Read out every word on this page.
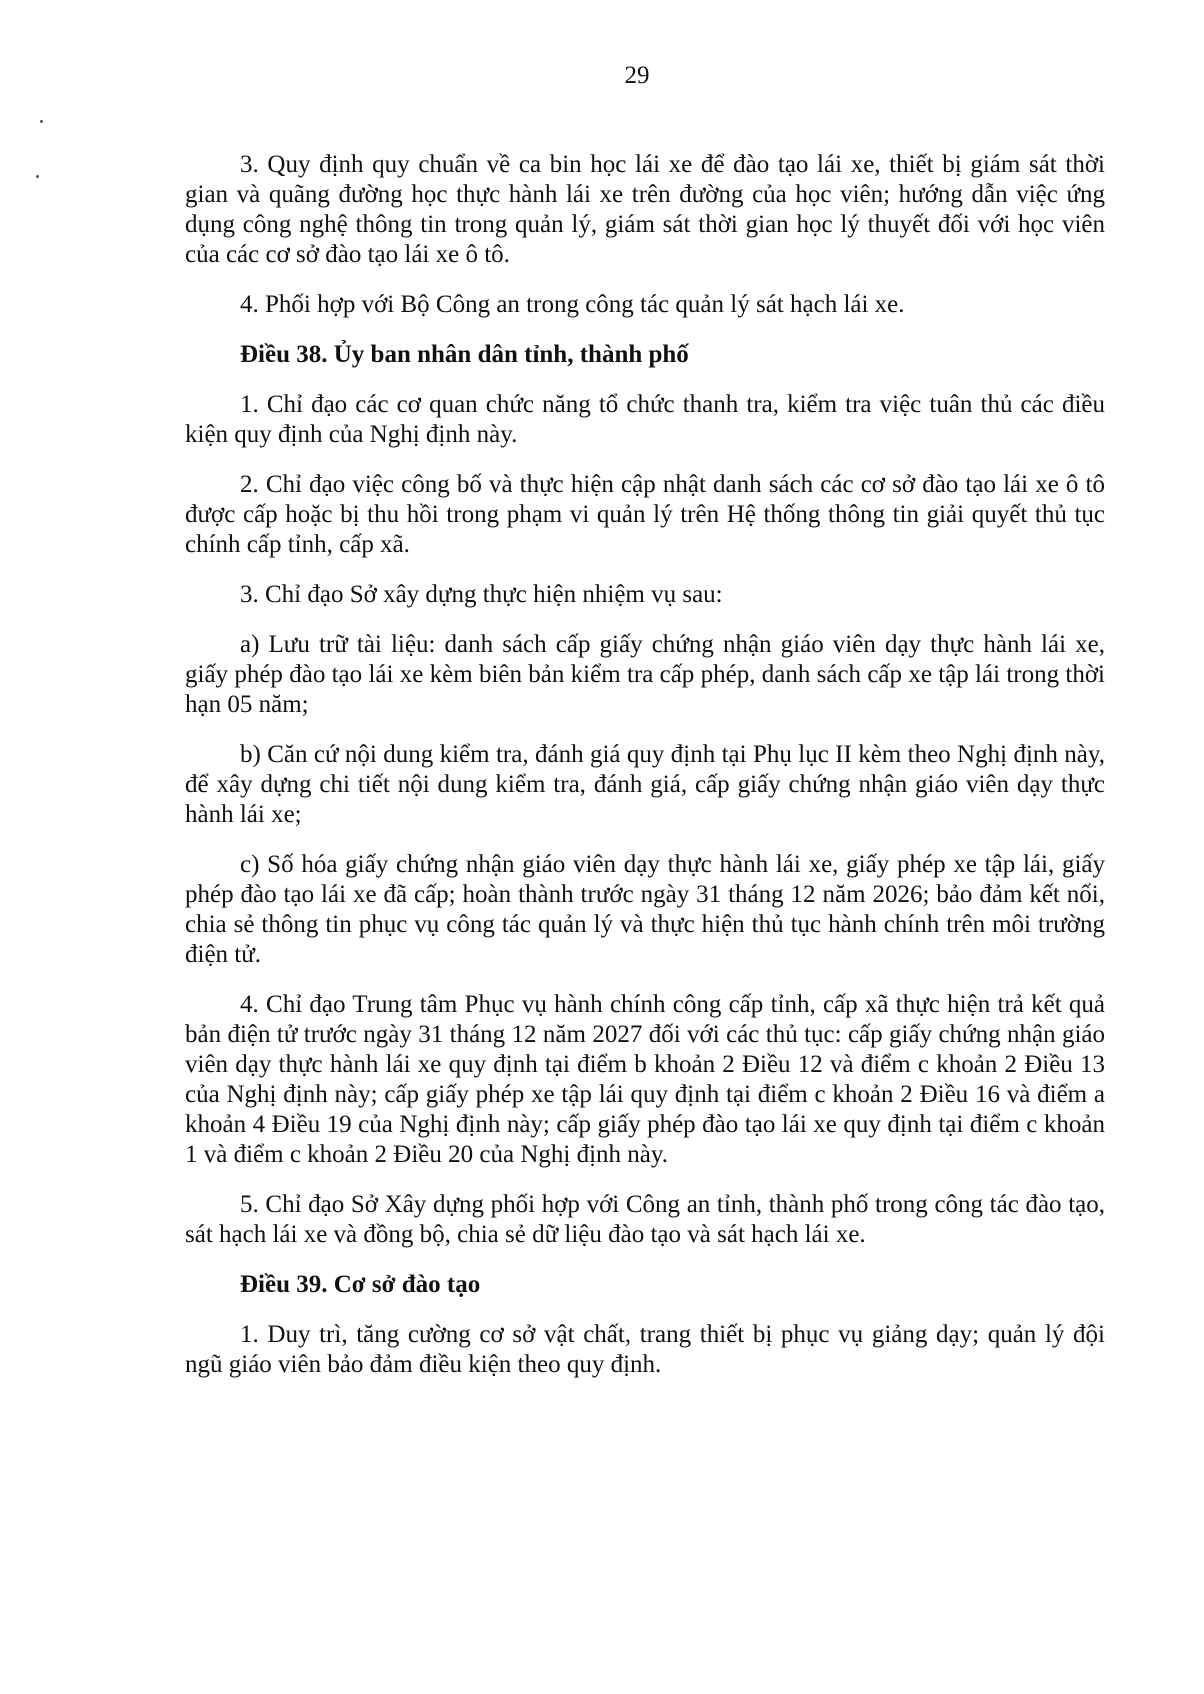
29

3. Quy định quy chuẩn về ca bin học lái xe để đào tạo lái xe, thiết bị giám sát thời gian và quãng đường học thực hành lái xe trên đường của học viên; hướng dẫn việc ứng dụng công nghệ thông tin trong quản lý, giám sát thời gian học lý thuyết đối với học viên của các cơ sở đào tạo lái xe ô tô.

4. Phối hợp với Bộ Công an trong công tác quản lý sát hạch lái xe.

Điều 38. Ủy ban nhân dân tỉnh, thành phố

1. Chỉ đạo các cơ quan chức năng tổ chức thanh tra, kiểm tra việc tuân thủ các điều kiện quy định của Nghị định này.

2. Chỉ đạo việc công bố và thực hiện cập nhật danh sách các cơ sở đào tạo lái xe ô tô được cấp hoặc bị thu hồi trong phạm vi quản lý trên Hệ thống thông tin giải quyết thủ tục chính cấp tỉnh, cấp xã.

3. Chỉ đạo Sở xây dựng thực hiện nhiệm vụ sau:

a) Lưu trữ tài liệu: danh sách cấp giấy chứng nhận giáo viên dạy thực hành lái xe, giấy phép đào tạo lái xe kèm biên bản kiểm tra cấp phép, danh sách cấp xe tập lái trong thời hạn 05 năm;

b) Căn cứ nội dung kiểm tra, đánh giá quy định tại Phụ lục II kèm theo Nghị định này, để xây dựng chi tiết nội dung kiểm tra, đánh giá, cấp giấy chứng nhận giáo viên dạy thực hành lái xe;

c) Số hóa giấy chứng nhận giáo viên dạy thực hành lái xe, giấy phép xe tập lái, giấy phép đào tạo lái xe đã cấp; hoàn thành trước ngày 31 tháng 12 năm 2026; bảo đảm kết nối, chia sẻ thông tin phục vụ công tác quản lý và thực hiện thủ tục hành chính trên môi trường điện tử.

4. Chỉ đạo Trung tâm Phục vụ hành chính công cấp tỉnh, cấp xã thực hiện trả kết quả bản điện tử trước ngày 31 tháng 12 năm 2027 đối với các thủ tục: cấp giấy chứng nhận giáo viên dạy thực hành lái xe quy định tại điểm b khoản 2 Điều 12 và điểm c khoản 2 Điều 13 của Nghị định này; cấp giấy phép xe tập lái quy định tại điểm c khoản 2 Điều 16 và điểm a khoản 4 Điều 19 của Nghị định này; cấp giấy phép đào tạo lái xe quy định tại điểm c khoản 1 và điểm c khoản 2 Điều 20 của Nghị định này.

5. Chỉ đạo Sở Xây dựng phối hợp với Công an tỉnh, thành phố trong công tác đào tạo, sát hạch lái xe và đồng bộ, chia sẻ dữ liệu đào tạo và sát hạch lái xe.

Điều 39. Cơ sở đào tạo

1. Duy trì, tăng cường cơ sở vật chất, trang thiết bị phục vụ giảng dạy; quản lý đội ngũ giáo viên bảo đảm điều kiện theo quy định.
